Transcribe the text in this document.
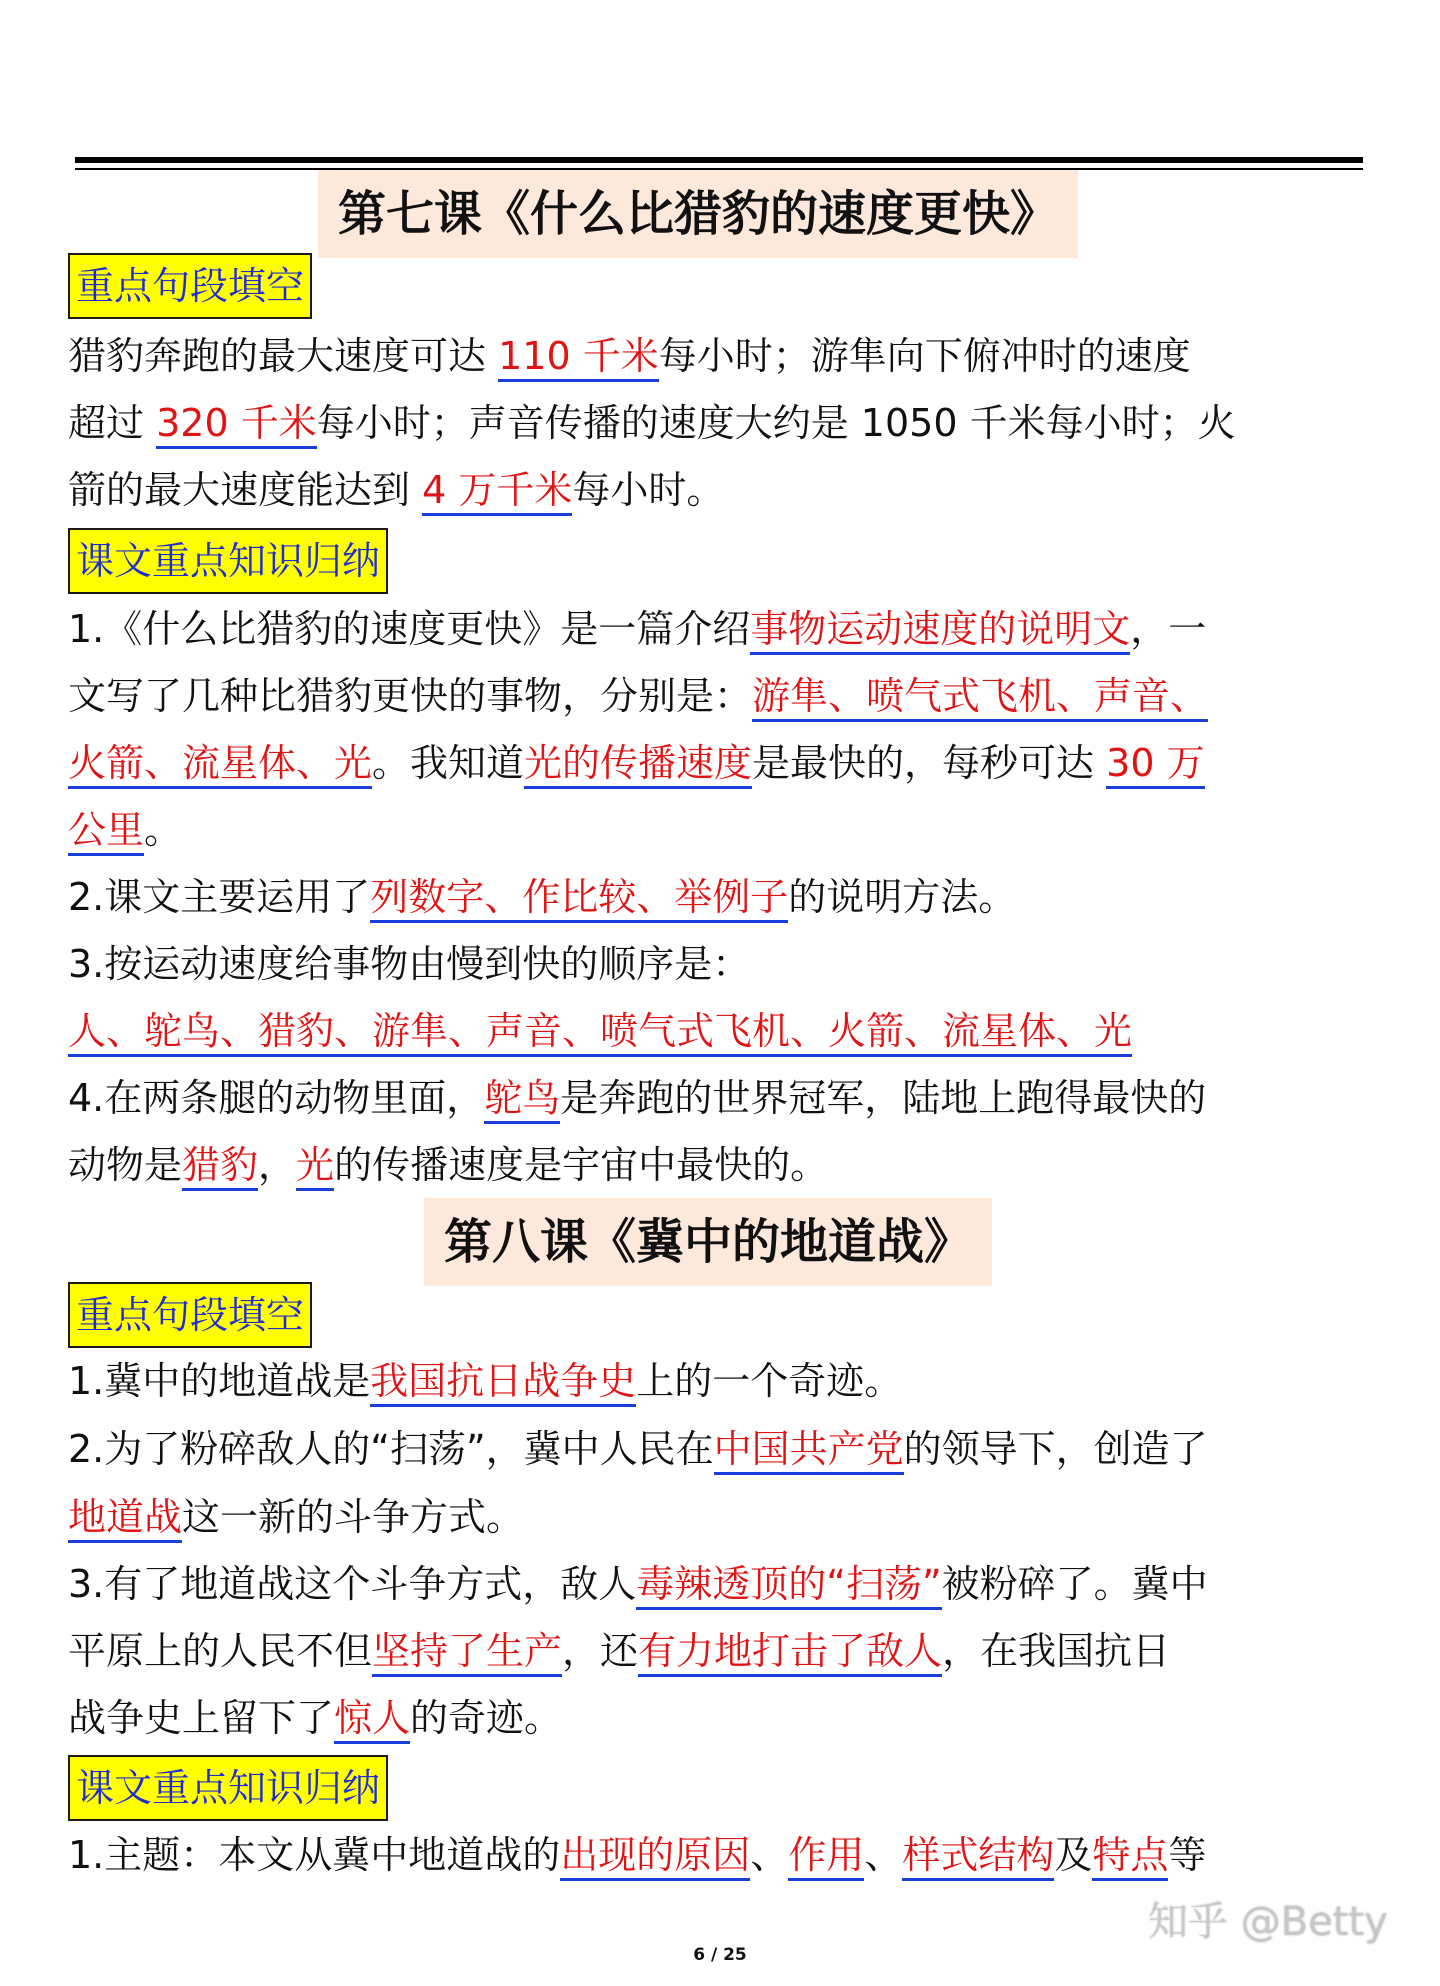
第七课《什么比猎豹的速度更快》
重点句段填空
猎豹奔跑的最大速度可达 110 千米每小时；游隼向下俯冲时的速度
超过 320 千米每小时；声音传播的速度大约是 1050 千米每小时；火
箭的最大速度能达到 4 万千米每小时。
课文重点知识归纳
1.《什么比猎豹的速度更快》是一篇介绍事物运动速度的说明文，一
文写了几种比猎豹更快的事物，分别是：游隼、喷气式飞机、声音、
火箭、流星体、光。我知道光的传播速度是最快的，每秒可达 30 万
公里。
2.课文主要运用了列数字、作比较、举例子的说明方法。
3.按运动速度给事物由慢到快的顺序是：
人、鸵鸟、猎豹、游隼、声音、喷气式飞机、火箭、流星体、光
4.在两条腿的动物里面，鸵鸟是奔跑的世界冠军，陆地上跑得最快的
动物是猎豹，光的传播速度是宇宙中最快的。
第八课《冀中的地道战》
重点句段填空
1.冀中的地道战是我国抗日战争史上的一个奇迹。
2.为了粉碎敌人的“扫荡”，冀中人民在中国共产党的领导下，创造了
地道战这一新的斗争方式。
3.有了地道战这个斗争方式，敌人毒辣透顶的“扫荡”被粉碎了。冀中
平原上的人民不但坚持了生产，还有力地打击了敌人，在我国抗日
战争史上留下了惊人的奇迹。
课文重点知识归纳
1.主题：本文从冀中地道战的出现的原因、作用、样式结构及特点等
6 / 25
知乎 @Betty
